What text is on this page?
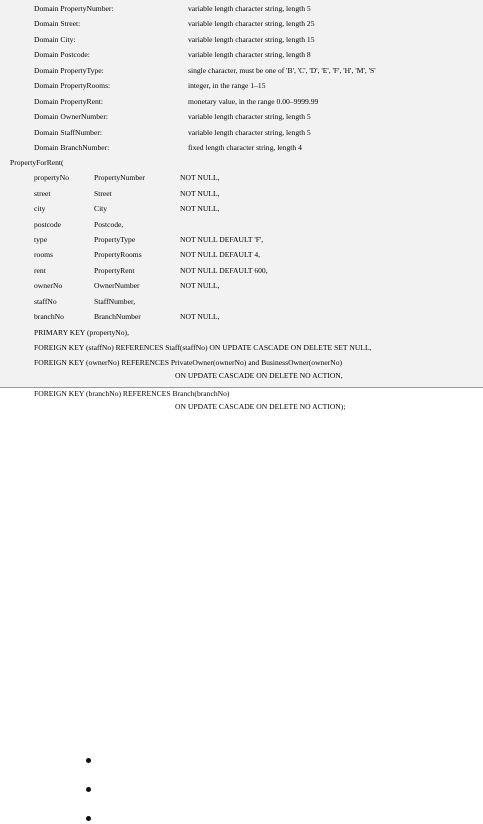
Domain PropertyNumber:	variable length character string, length 5
Domain Street:	variable length character string, length 25
Domain City:	variable length character string, length 15
Domain Postcode:	variable length character string, length 8
Domain PropertyType:	single character, must be one of 'B', 'C', 'D', 'E', 'F', 'H', 'M', 'S'
Domain PropertyRooms:	integer, in the range 1–15
Domain PropertyRent:	monetary value, in the range 0.00–9999.99
Domain OwnerNumber:	variable length character string, length 5
Domain StaffNumber:	variable length character string, length 5
Domain BranchNumber:	fixed length character string, length 4
PropertyForRent(
propertyNo	PropertyNumber	NOT NULL,
street	Street	NOT NULL,
city	City	NOT NULL,
postcode	Postcode,
type	PropertyType	NOT NULL DEFAULT 'F',
rooms	PropertyRooms	NOT NULL DEFAULT 4,
rent	PropertyRent	NOT NULL DEFAULT 600,
ownerNo	OwnerNumber	NOT NULL,
staffNo	StaffNumber,
branchNo	BranchNumber	NOT NULL,
PRIMARY KEY (propertyNo),
FOREIGN KEY (staffNo) REFERENCES Staff(staffNo) ON UPDATE CASCADE ON DELETE SET NULL,
FOREIGN KEY (ownerNo) REFERENCES PrivateOwner(ownerNo) and BusinessOwner(ownerNo)
ON UPDATE CASCADE ON DELETE NO ACTION,
FOREIGN KEY (branchNo) REFERENCES Branch(branchNo)
ON UPDATE CASCADE ON DELETE NO ACTION);
